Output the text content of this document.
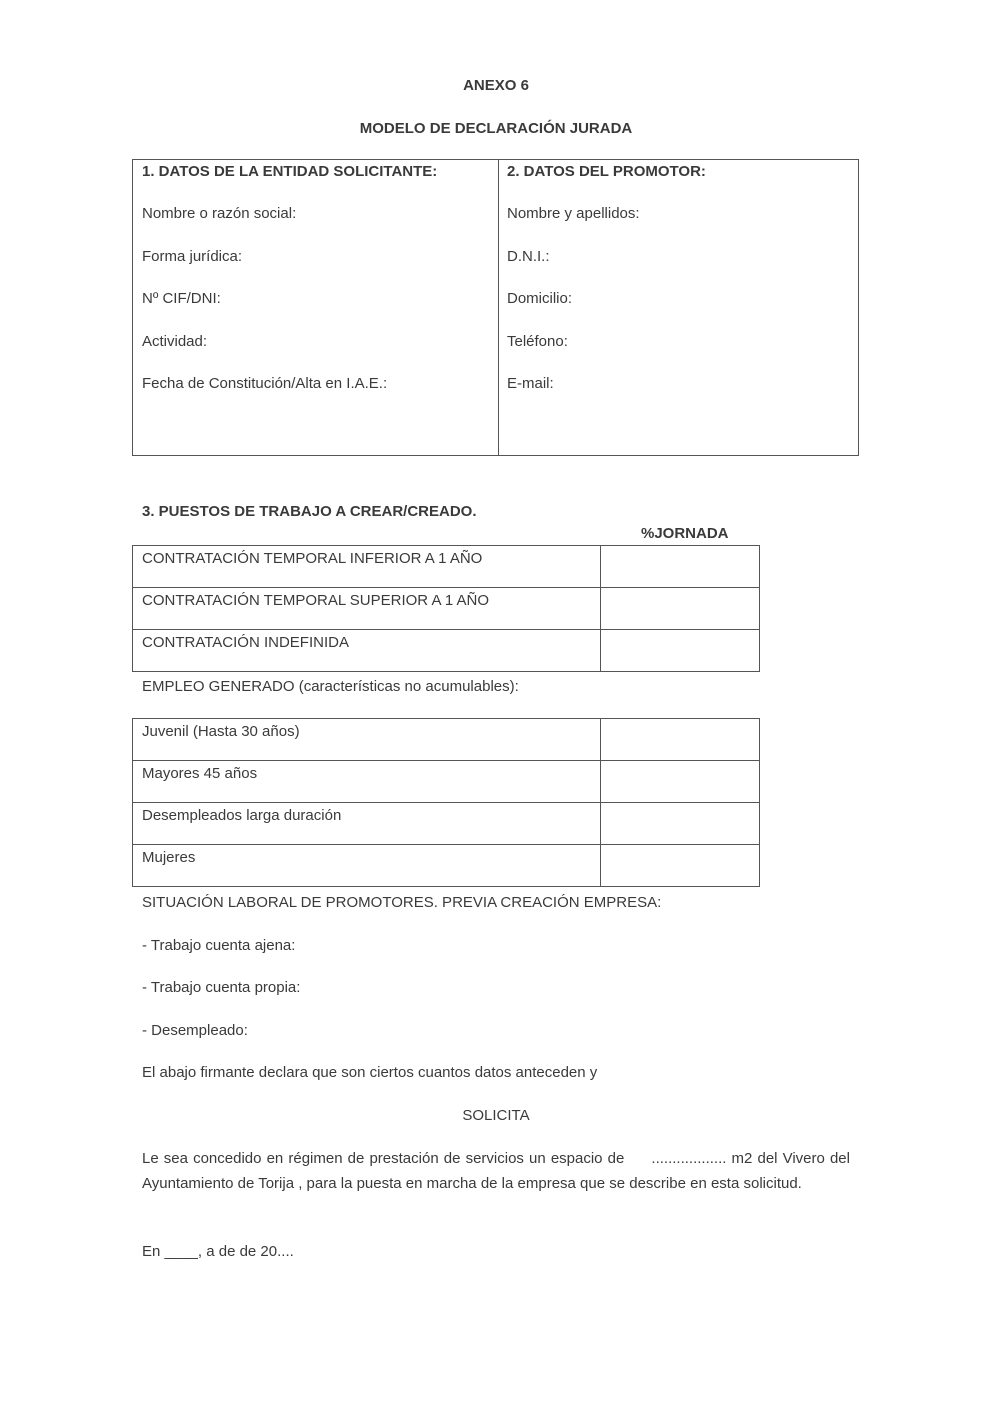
ANEXO 6
MODELO DE DECLARACIÓN JURADA
1. DATOS DE LA ENTIDAD SOLICITANTE:
Nombre o razón social:
Forma jurídica:
Nº CIF/DNI:
Actividad:
Fecha de Constitución/Alta en I.A.E.:
2. DATOS DEL PROMOTOR:
Nombre y apellidos:
D.N.I.:
Domicilio:
Teléfono:
E-mail:
3. PUESTOS DE TRABAJO A CREAR/CREADO.
%JORNADA
CONTRATACIÓN TEMPORAL INFERIOR A 1 AÑO	
CONTRATACIÓN TEMPORAL SUPERIOR A 1 AÑO	
CONTRATACIÓN INDEFINIDA	
EMPLEO GENERADO (características no acumulables):
Juvenil (Hasta 30 años)	
Mayores 45 años	
Desempleados larga duración	
Mujeres	
SITUACIÓN LABORAL DE PROMOTORES. PREVIA CREACIÓN EMPRESA:
- Trabajo cuenta ajena:
- Trabajo cuenta propia:
- Desempleado:
El abajo firmante declara que son ciertos cuantos datos anteceden y
SOLICITA
Le sea concedido en régimen de prestación de servicios un espacio de .................. m2 del Vivero del Ayuntamiento de Torija , para la puesta en marcha de la empresa que se describe en esta solicitud.
En ____, a de de 20....
